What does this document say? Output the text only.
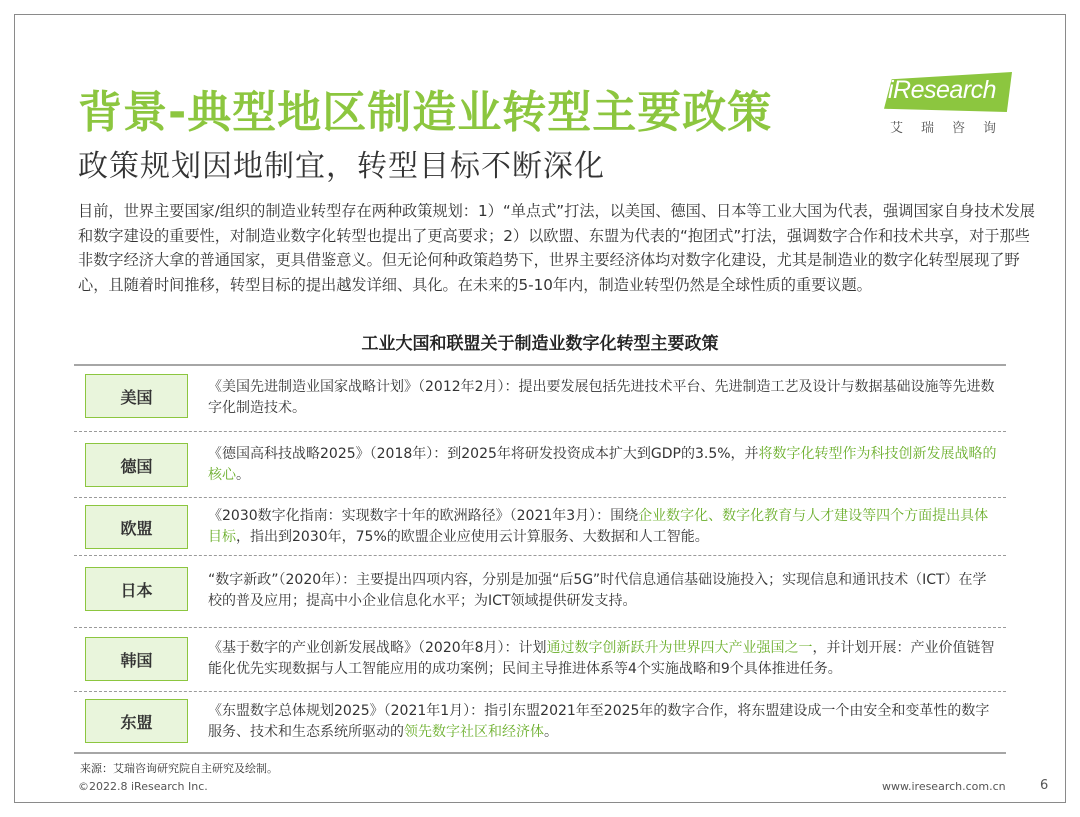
背景-典型地区制造业转型主要政策
政策规划因地制宜，转型目标不断深化
iResearch
艾瑞咨询
目前，世界主要国家/组织的制造业转型存在两种政策规划：1）“单点式”打法，以美国、德国、日本等工业大国为代表，强调国家自身技术发展和数字建设的重要性，对制造业数字化转型也提出了更高要求；2）以欧盟、东盟为代表的“抱团式”打法，强调数字合作和技术共享，对于那些非数字经济大拿的普通国家，更具借鉴意义。但无论何种政策趋势下，世界主要经济体均对数字化建设，尤其是制造业的数字化转型展现了野心，且随着时间推移，转型目标的提出越发详细、具化。在未来的5-10年内，制造业转型仍然是全球性质的重要议题。
工业大国和联盟关于制造业数字化转型主要政策
美国
《美国先进制造业国家战略计划》（2012年2月）：提出要发展包括先进技术平台、先进制造工艺及设计与数据基础设施等先进数字化制造技术。
德国
《德国高科技战略2025》（2018年）：到2025年将研发投资成本扩大到GDP的3.5%，并将数字化转型作为科技创新发展战略的核心。
欧盟
《2030数字化指南：实现数字十年的欧洲路径》（2021年3月）：围绕企业数字化、数字化教育与人才建设等四个方面提出具体目标，指出到2030年，75%的欧盟企业应使用云计算服务、大数据和人工智能。
日本
“数字新政”（2020年）：主要提出四项内容，分别是加强“后5G”时代信息通信基础设施投入；实现信息和通讯技术（ICT）在学校的普及应用；提高中小企业信息化水平；为ICT领域提供研发支持。
韩国
《基于数字的产业创新发展战略》（2020年8月）：计划通过数字创新跃升为世界四大产业强国之一，并计划开展：产业价值链智能化优先实现数据与人工智能应用的成功案例；民间主导推进体系等4个实施战略和9个具体推进任务。
东盟
《东盟数字总体规划2025》（2021年1月）：指引东盟2021年至2025年的数字合作，将东盟建设成一个由安全和变革性的数字服务、技术和生态系统所驱动的领先数字社区和经济体。
来源：艾瑞咨询研究院自主研究及绘制。
©2022.8 iResearch Inc.	www.iresearch.com.cn	6
